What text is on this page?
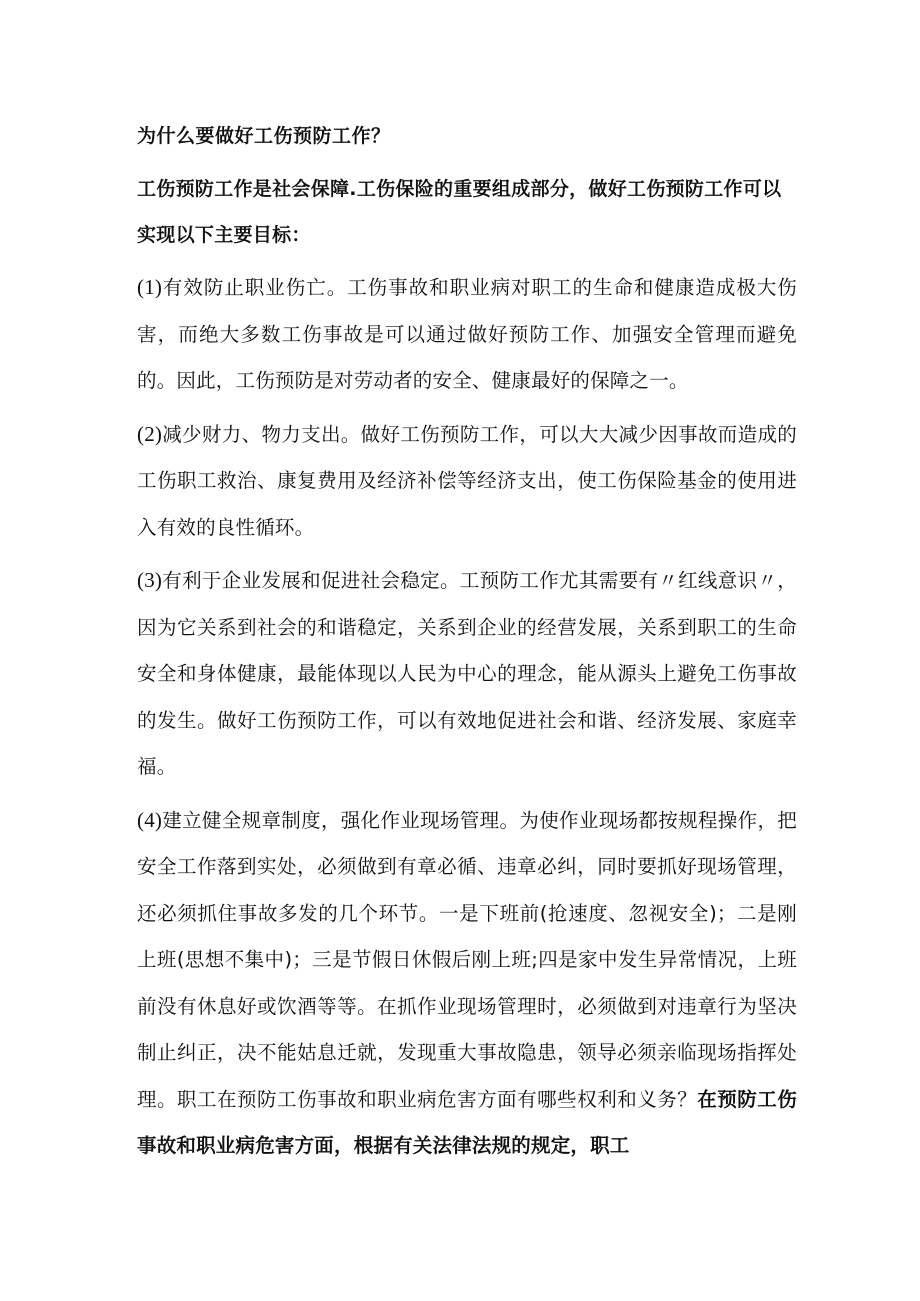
为什么要做好工伤预防工作？
工伤预防工作是社会保障.工伤保险的重要组成部分，做好工伤预防工作可以实现以下主要目标：
(1)有效防止职业伤亡。工伤事故和职业病对职工的生命和健康造成极大伤害，而绝大多数工伤事故是可以通过做好预防工作、加强安全管理而避免的。因此，工伤预防是对劳动者的安全、健康最好的保障之一。
(2)减少财力、物力支出。做好工伤预防工作，可以大大减少因事故而造成的工伤职工救治、康复费用及经济补偿等经济支出，使工伤保险基金的使用进入有效的良性循环。
(3)有利于企业发展和促进社会稳定。工预防工作尤其需要有〃红线意识〃，因为它关系到社会的和谐稳定，关系到企业的经营发展，关系到职工的生命安全和身体健康，最能体现以人民为中心的理念，能从源头上避免工伤事故的发生。做好工伤预防工作，可以有效地促进社会和谐、经济发展、家庭幸福。
(4)建立健全规章制度，强化作业现场管理。为使作业现场都按规程操作，把安全工作落到实处，必须做到有章必循、违章必纠，同时要抓好现场管理，还必须抓住事故多发的几个环节。一是下班前(抢速度、忽视安全)；二是刚上班(思想不集中)；三是节假日休假后刚上班;四是家中发生异常情况，上班前没有休息好或饮酒等等。在抓作业现场管理时，必须做到对违章行为坚决制止纠正，决不能姑息迁就，发现重大事故隐患，领导必须亲临现场指挥处理。职工在预防工伤事故和职业病危害方面有哪些权利和义务？在预防工伤事故和职业病危害方面，根据有关法律法规的规定，职工
